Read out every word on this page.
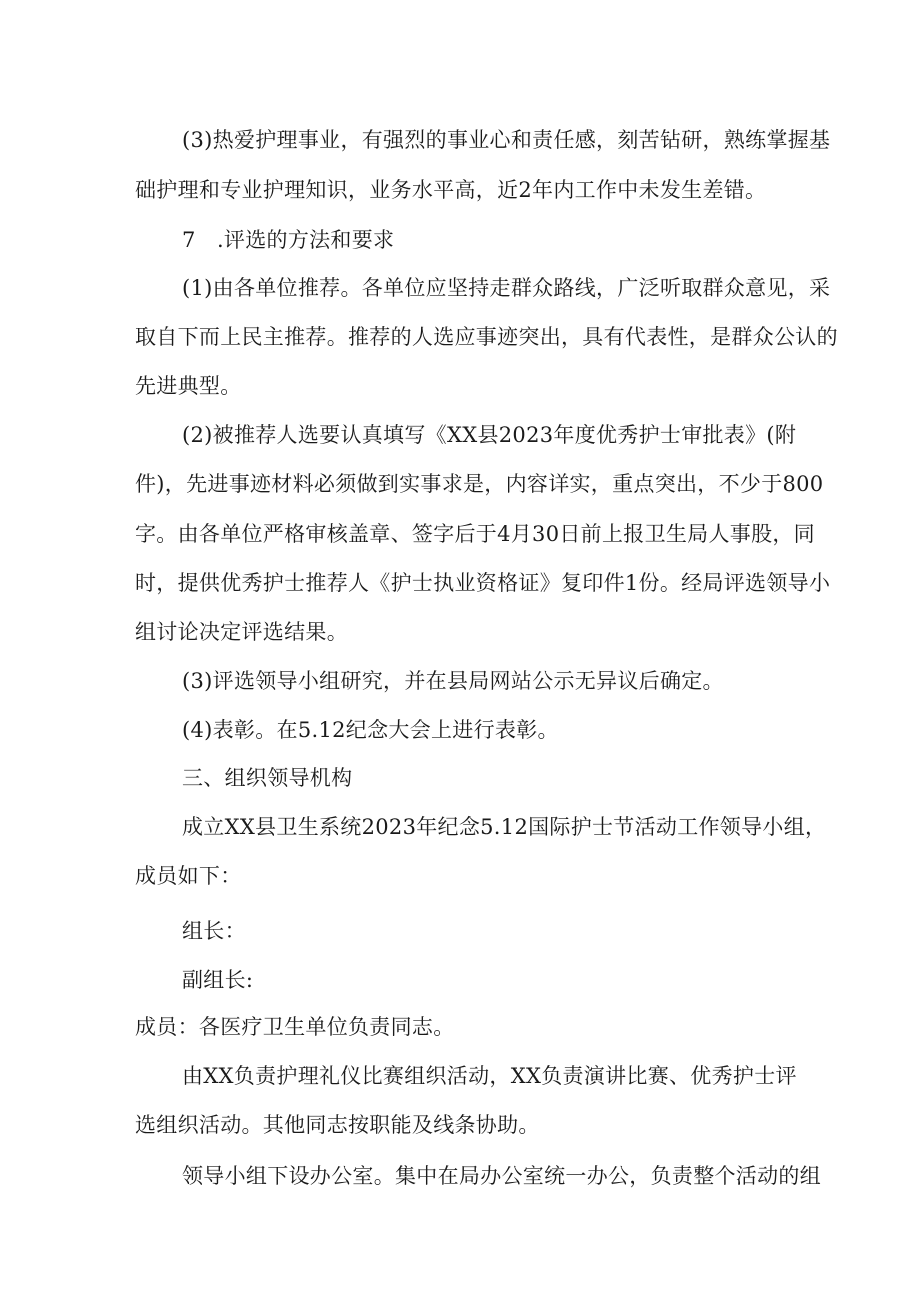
(3)热爱护理事业，有强烈的事业心和责任感，刻苦钻研，熟练掌握基
础护理和专业护理知识，业务水平高，近2年内工作中未发生差错。
7　.评选的方法和要求
(1)由各单位推荐。各单位应坚持走群众路线，广泛听取群众意见，采
取自下而上民主推荐。推荐的人选应事迹突出，具有代表性，是群众公认的
先进典型。
(2)被推荐人选要认真填写《XX县2023年度优秀护士审批表》(附
件)，先进事迹材料必须做到实事求是，内容详实，重点突出，不少于800
字。由各单位严格审核盖章、签字后于4月30日前上报卫生局人事股，同
时，提供优秀护士推荐人《护士执业资格证》复印件1份。经局评选领导小
组讨论决定评选结果。
(3)评选领导小组研究，并在县局网站公示无异议后确定。
(4)表彰。在5.12纪念大会上进行表彰。
三、组织领导机构
成立XX县卫生系统2023年纪念5.12国际护士节活动工作领导小组，
成员如下：
组长：
副组长:
成员：各医疗卫生单位负责同志。
由XX负责护理礼仪比赛组织活动，XX负责演讲比赛、优秀护士评
选组织活动。其他同志按职能及线条协助。
领导小组下设办公室。集中在局办公室统一办公，负责整个活动的组
